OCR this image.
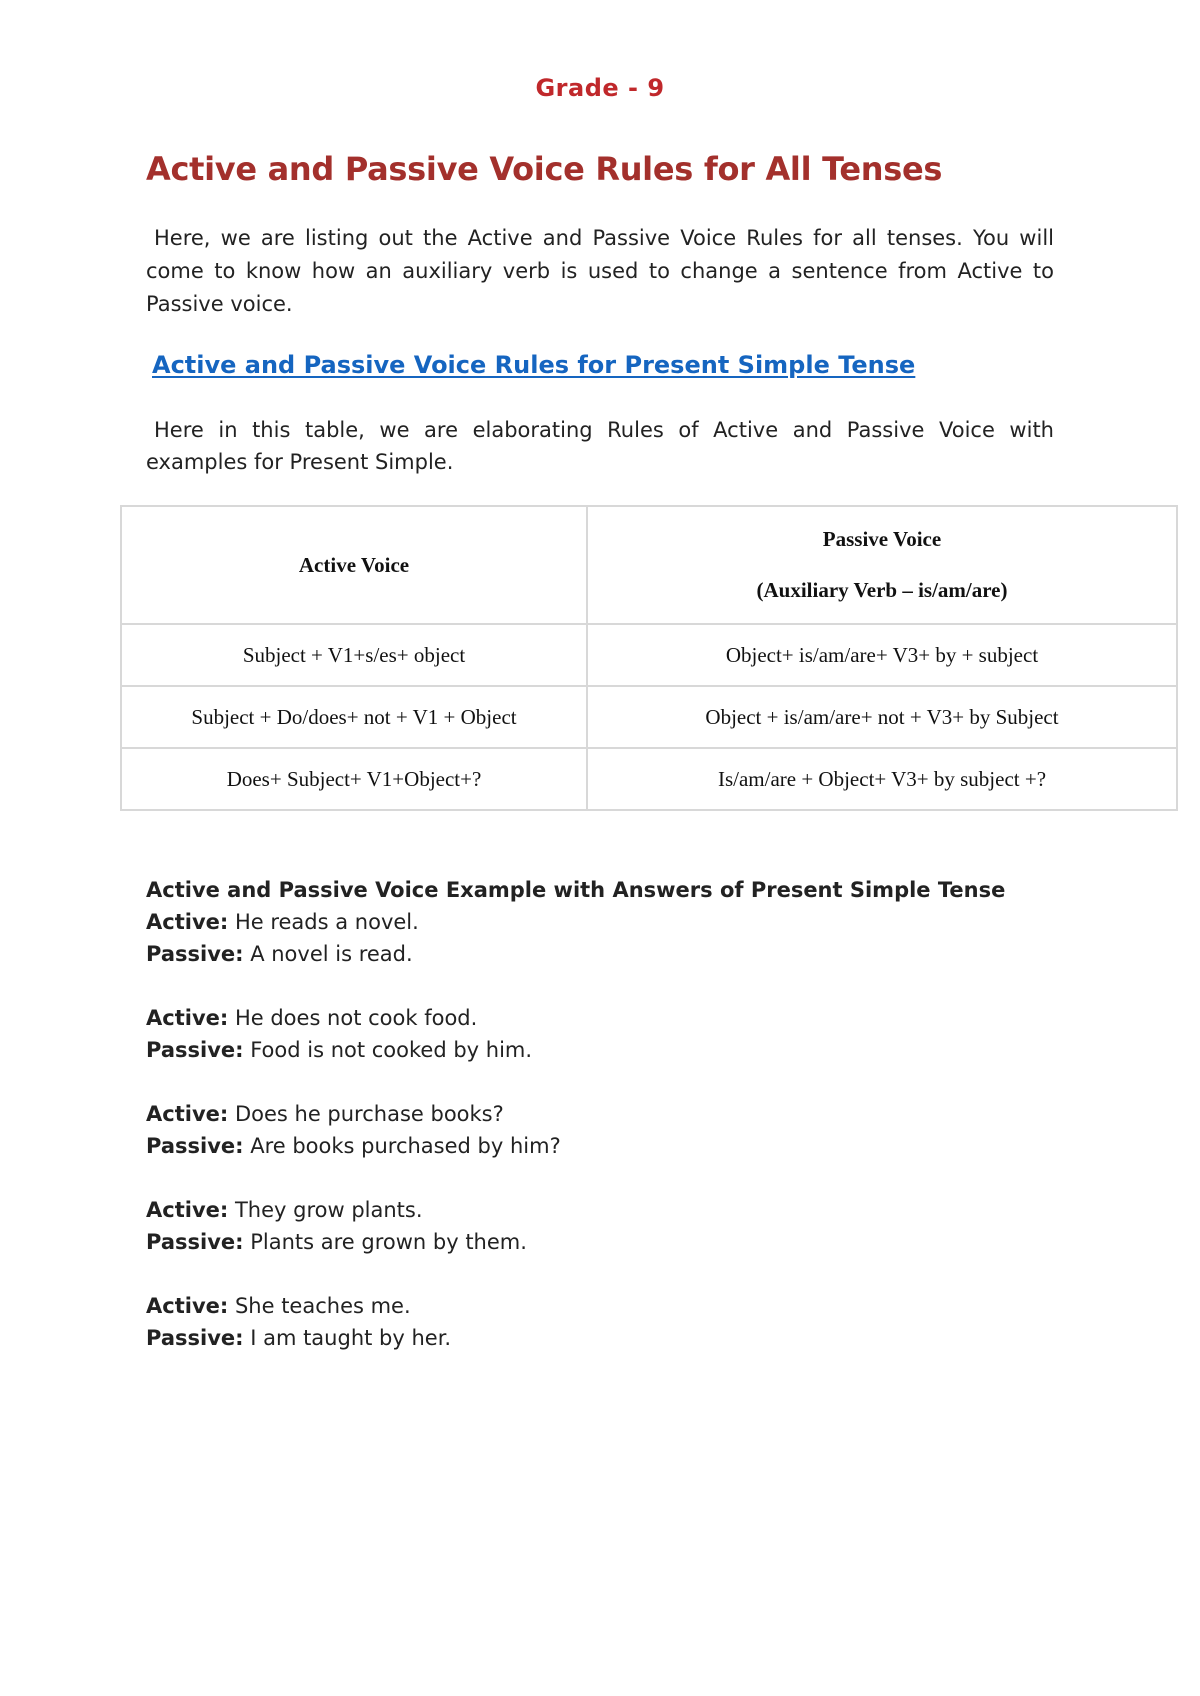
Grade - 9
Active and Passive Voice Rules for All Tenses

Here, we are listing out the Active and Passive Voice Rules for all tenses. You will come to know how an auxiliary verb is used to change a sentence from Active to Passive voice.

Active and Passive Voice Rules for Present Simple Tense

Here in this table, we are elaborating Rules of Active and Passive Voice with examples for Present Simple.

Active Voice	Passive Voice
(Auxiliary Verb – is/am/are)

Subject + V1+s/es+ object	Object+ is/am/are+ V3+ by + subject
Subject + Do/does+ not + V1 + Object	Object + is/am/are+ not + V3+ by Subject
Does+ Subject+ V1+Object+?	Is/am/are + Object+ V3+ by subject +?

Active and Passive Voice Example with Answers of Present Simple Tense

Active: He reads a novel.

Passive: A novel is read.

Active: He does not cook food.

Passive: Food is not cooked by him.

Active: Does he purchase books?

Passive: Are books purchased by him?

Active: They grow plants.

Passive: Plants are grown by them.

Active: She teaches me.

Passive: I am taught by her.
